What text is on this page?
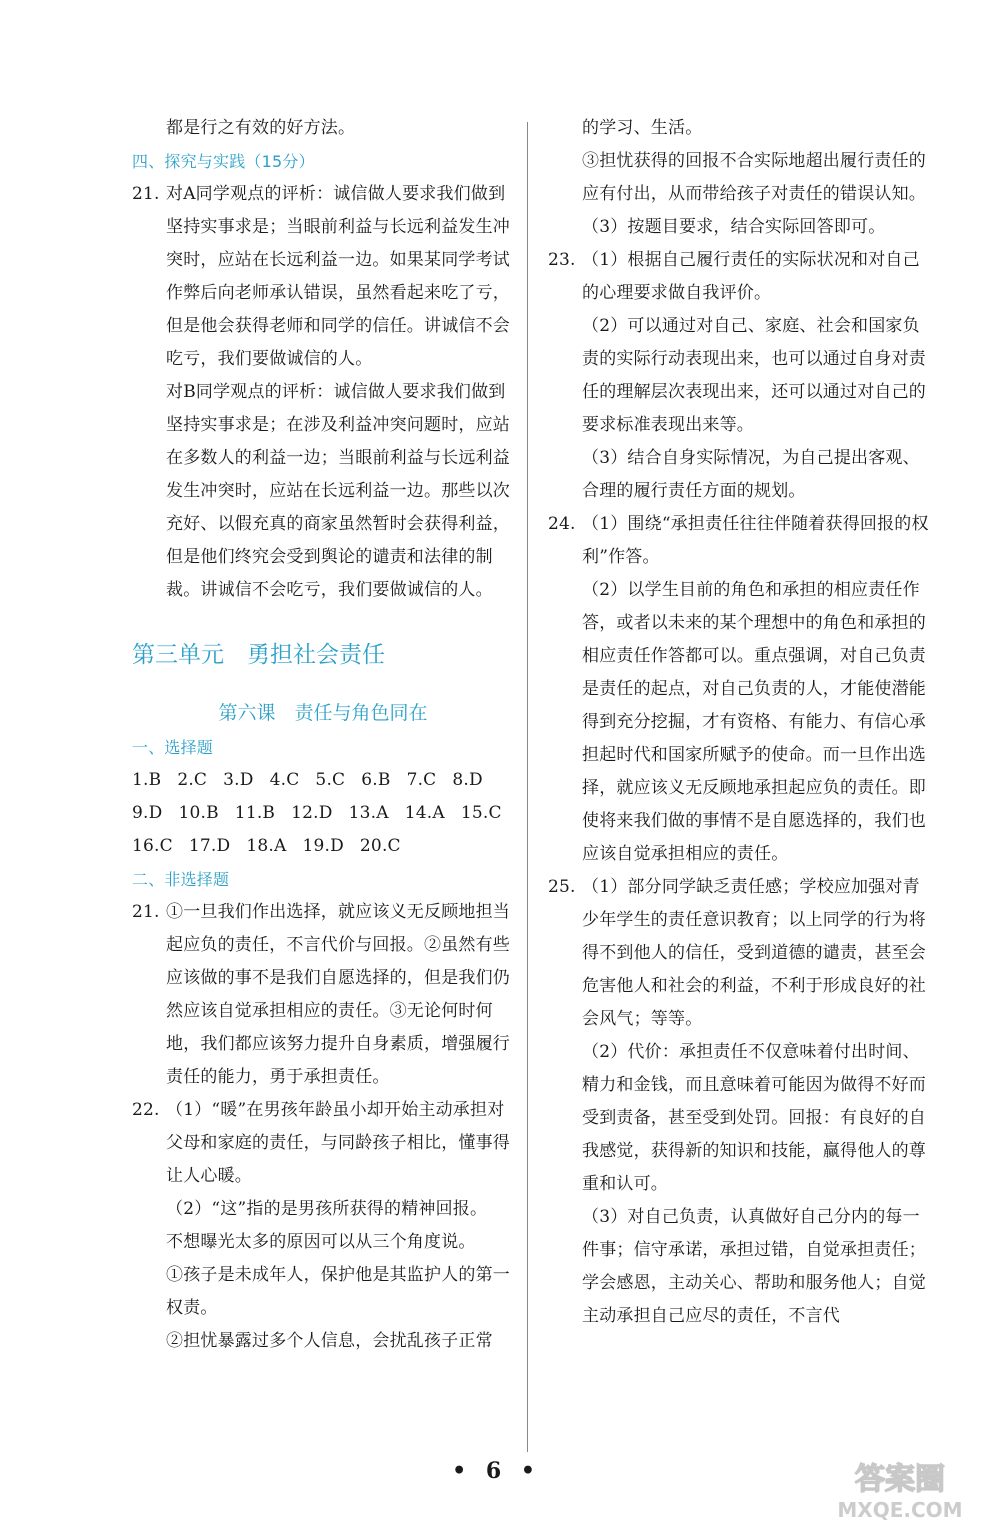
都是行之有效的好方法。

四、探究与实践（15分）

21. 对A同学观点的评析：诚信做人要求我们做到坚持实事求是；当眼前利益与长远利益发生冲突时，应站在长远利益一边。如果某同学考试作弊后向老师承认错误，虽然看起来吃了亏，但是他会获得老师和同学的信任。讲诚信不会吃亏，我们要做诚信的人。

对B同学观点的评析：诚信做人要求我们做到坚持实事求是；在涉及利益冲突问题时，应站在多数人的利益一边；当眼前利益与长远利益发生冲突时，应站在长远利益一边。那些以次充好、以假充真的商家虽然暂时会获得利益，但是他们终究会受到舆论的谴责和法律的制裁。讲诚信不会吃亏，我们要做诚信的人。

第三单元　勇担社会责任
第六课　责任与角色同在

一、选择题

1.B 2.C 3.D 4.C 5.C 6.B 7.C 8.D
9.D 10.B 11.B 12.D 13.A 14.A 15.C
16.C 17.D 18.A 19.D 20.C

二、非选择题

21. ①一旦我们作出选择，就应该义无反顾地担当起应负的责任，不言代价与回报。②虽然有些应该做的事不是我们自愿选择的，但是我们仍然应该自觉承担相应的责任。③无论何时何地，我们都应该努力提升自身素质，增强履行责任的能力，勇于承担责任。

22. （1）“暖”在男孩年龄虽小却开始主动承担对父母和家庭的责任，与同龄孩子相比，懂事得让人心暖。

（2）“这”指的是男孩所获得的精神回报。

不想曝光太多的原因可以从三个角度说。

①孩子是未成年人，保护他是其监护人的第一权责。

②担忧暴露过多个人信息，会扰乱孩子正常

的学习、生活。

③担忧获得的回报不合实际地超出履行责任的应有付出，从而带给孩子对责任的错误认知。

（3）按题目要求，结合实际回答即可。

23. （1）根据自己履行责任的实际状况和对自己的心理要求做自我评价。

（2）可以通过对自己、家庭、社会和国家负责的实际行动表现出来，也可以通过自身对责任的理解层次表现出来，还可以通过对自己的要求标准表现出来等。

（3）结合自身实际情况，为自己提出客观、合理的履行责任方面的规划。

24. （1）围绕“承担责任往往伴随着获得回报的权利”作答。

（2）以学生目前的角色和承担的相应责任作答，或者以未来的某个理想中的角色和承担的相应责任作答都可以。重点强调，对自己负责是责任的起点，对自己负责的人，才能使潜能得到充分挖掘，才有资格、有能力、有信心承担起时代和国家所赋予的使命。而一旦作出选择，就应该义无反顾地承担起应负的责任。即使将来我们做的事情不是自愿选择的，我们也应该自觉承担相应的责任。

25. （1）部分同学缺乏责任感；学校应加强对青少年学生的责任意识教育；以上同学的行为将得不到他人的信任，受到道德的谴责，甚至会危害他人和社会的利益，不利于形成良好的社会风气；等等。

（2）代价：承担责任不仅意味着付出时间、精力和金钱，而且意味着可能因为做得不好而受到责备，甚至受到处罚。回报：有良好的自我感觉，获得新的知识和技能，赢得他人的尊重和认可。

（3）对自己负责，认真做好自己分内的每一件事；信守承诺，承担过错，自觉承担责任；学会感恩，主动关心、帮助和服务他人；自觉主动承担自己应尽的责任，不言代

• 6 •	答案圈
MXQE.COM
